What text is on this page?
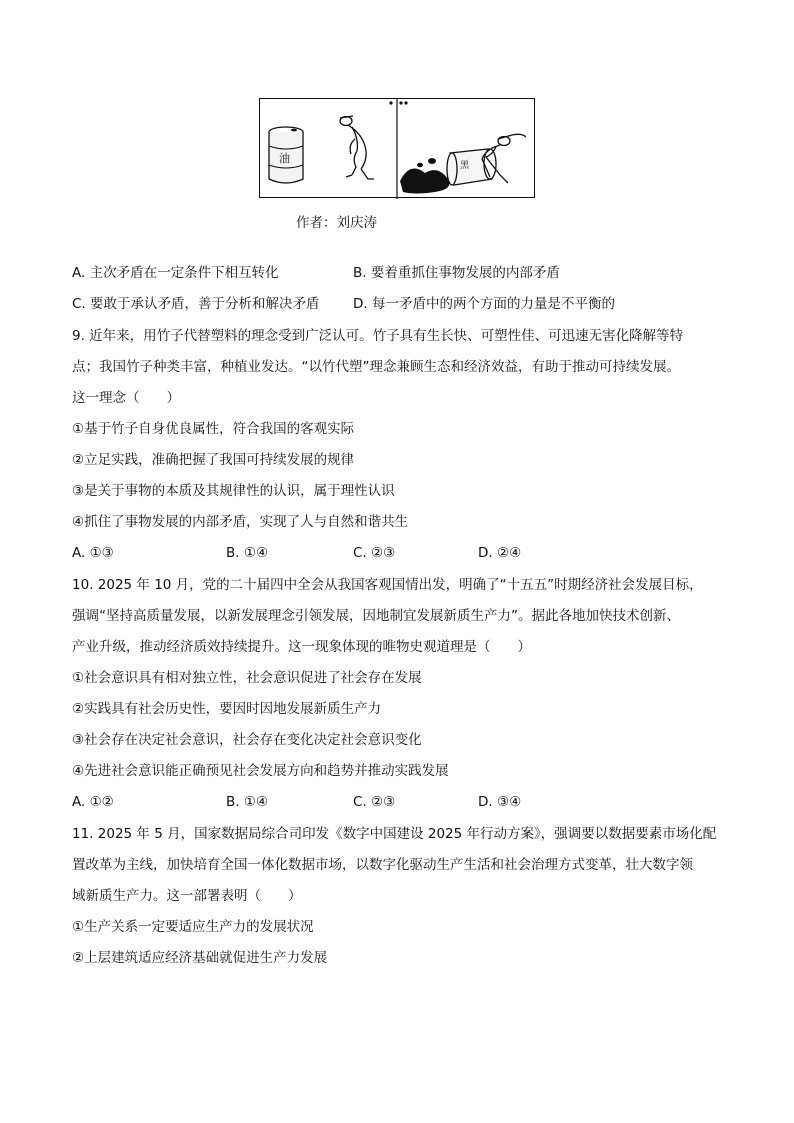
油
黑
作者：刘庆涛
A. 主次矛盾在一定条件下相互转化	B. 要着重抓住事物发展的内部矛盾
C. 要敢于承认矛盾，善于分析和解决矛盾 D. 每一矛盾中的两个方面的力量是不平衡的
9. 近年来，用竹子代替塑料的理念受到广泛认可。竹子具有生长快、可塑性佳、可迅速无害化降解等特
点；我国竹子种类丰富，种植业发达。“以竹代塑”理念兼顾生态和经济效益，有助于推动可持续发展。
这一理念（　　）
①基于竹子自身优良属性，符合我国的客观实际
②立足实践，准确把握了我国可持续发展的规律
③是关于事物的本质及其规律性的认识，属于理性认识
④抓住了事物发展的内部矛盾，实现了人与自然和谐共生
A. ①③	B. ①④	C. ②③	D. ②④
10. 2025 年 10 月，党的二十届四中全会从我国客观国情出发，明确了“十五五”时期经济社会发展目标，
强调“坚持高质量发展，以新发展理念引领发展，因地制宜发展新质生产力”。据此各地加快技术创新、
产业升级，推动经济质效持续提升。这一现象体现的唯物史观道理是（　　）
①社会意识具有相对独立性，社会意识促进了社会存在发展
②实践具有社会历史性，要因时因地发展新质生产力
③社会存在决定社会意识，社会存在变化决定社会意识变化
④先进社会意识能正确预见社会发展方向和趋势并推动实践发展
A. ①②	B. ①④	C. ②③	D. ③④
11. 2025 年 5 月，国家数据局综合司印发《数字中国建设 2025 年行动方案》，强调要以数据要素市场化配
置改革为主线，加快培育全国一体化数据市场，以数字化驱动生产生活和社会治理方式变革，壮大数字领
域新质生产力。这一部署表明（　　）
①生产关系一定要适应生产力的发展状况
②上层建筑适应经济基础就促进生产力发展
